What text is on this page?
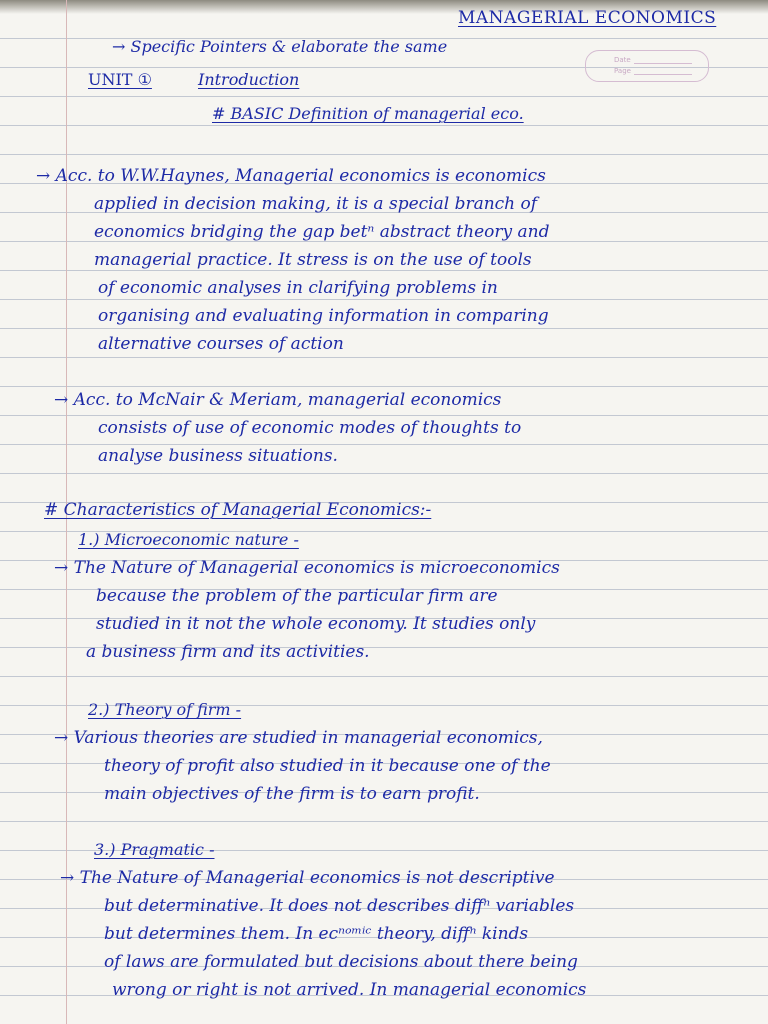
MANAGERIAL ECONOMICS
→ Specific Pointers & elaborate the same
UNIT ①	Introduction
Date
Page
# BASIC Definition of managerial eco.
→ Acc. to W.W.Haynes, Managerial economics is economics
applied in decision making, it is a special branch of
economics bridging the gap betⁿ abstract theory and
managerial practice. It stress is on the use of tools
of economic analyses in clarifying problems in
organising and evaluating information in comparing
alternative courses of action
→ Acc. to McNair & Meriam, managerial economics
consists of use of economic modes of thoughts to
analyse business situations.
# Characteristics of Managerial Economics:-
1.) Microeconomic nature -
→ The Nature of Managerial economics is microeconomics
because the problem of the particular firm are
studied in it not the whole economy. It studies only
a business firm and its activities.
2.) Theory of firm -
→ Various theories are studied in managerial economics,
theory of profit also studied in it because one of the
main objectives of the firm is to earn profit.
3.) Pragmatic -
→ The Nature of Managerial economics is not descriptive
but determinative. It does not describes diffⁿ variables
but determines them. In ecⁿᵒᵐⁱᶜ theory, diffⁿ kinds
of laws are formulated but decisions about there being
wrong or right is not arrived. In managerial economics
